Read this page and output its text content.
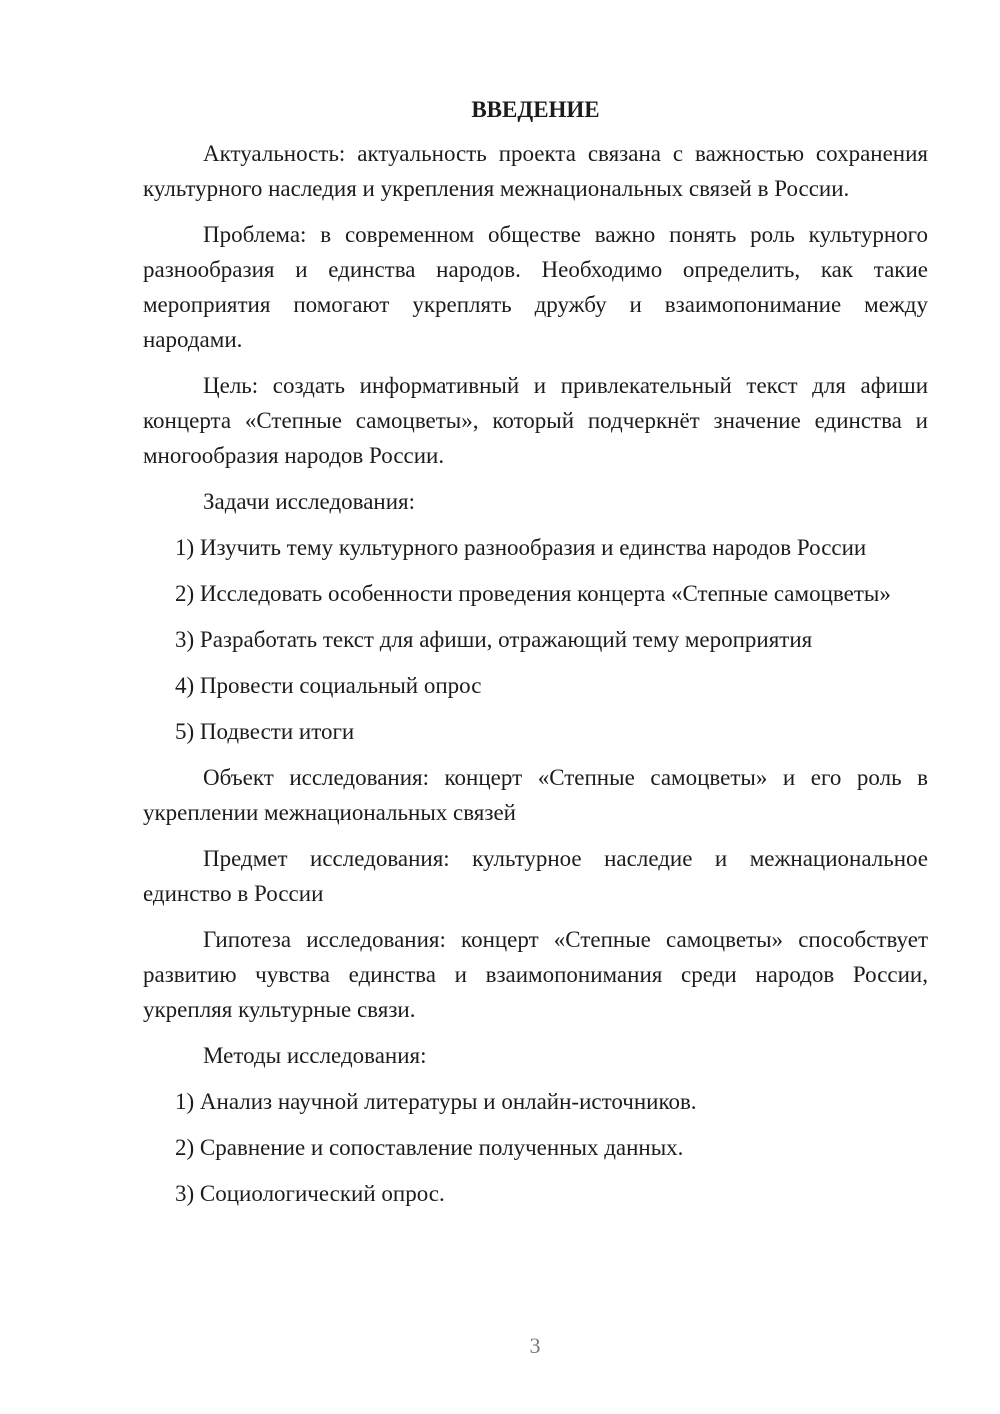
ВВЕДЕНИЕ

Актуальность: актуальность проекта связана с важностью сохранения культурного наследия и укрепления межнациональных связей в России.

Проблема: в современном обществе важно понять роль культурного разнообразия и единства народов. Необходимо определить, как такие мероприятия помогают укреплять дружбу и взаимопонимание между народами.

Цель: создать информативный и привлекательный текст для афиши концерта «Степные самоцветы», который подчеркнёт значение единства и многообразия народов России.

Задачи исследования:

1) Изучить тему культурного разнообразия и единства народов России

2) Исследовать особенности проведения концерта «Степные самоцветы»

3) Разработать текст для афиши, отражающий тему мероприятия

4) Провести социальный опрос

5) Подвести итоги

Объект исследования: концерт «Степные самоцветы» и его роль в укреплении межнациональных связей

Предмет исследования: культурное наследие и межнациональное единство в России

Гипотеза исследования: концерт «Степные самоцветы» способствует развитию чувства единства и взаимопонимания среди народов России, укрепляя культурные связи.

Методы исследования:

1) Анализ научной литературы и онлайн-источников.

2) Сравнение и сопоставление полученных данных.

3) Социологический опрос.

3
